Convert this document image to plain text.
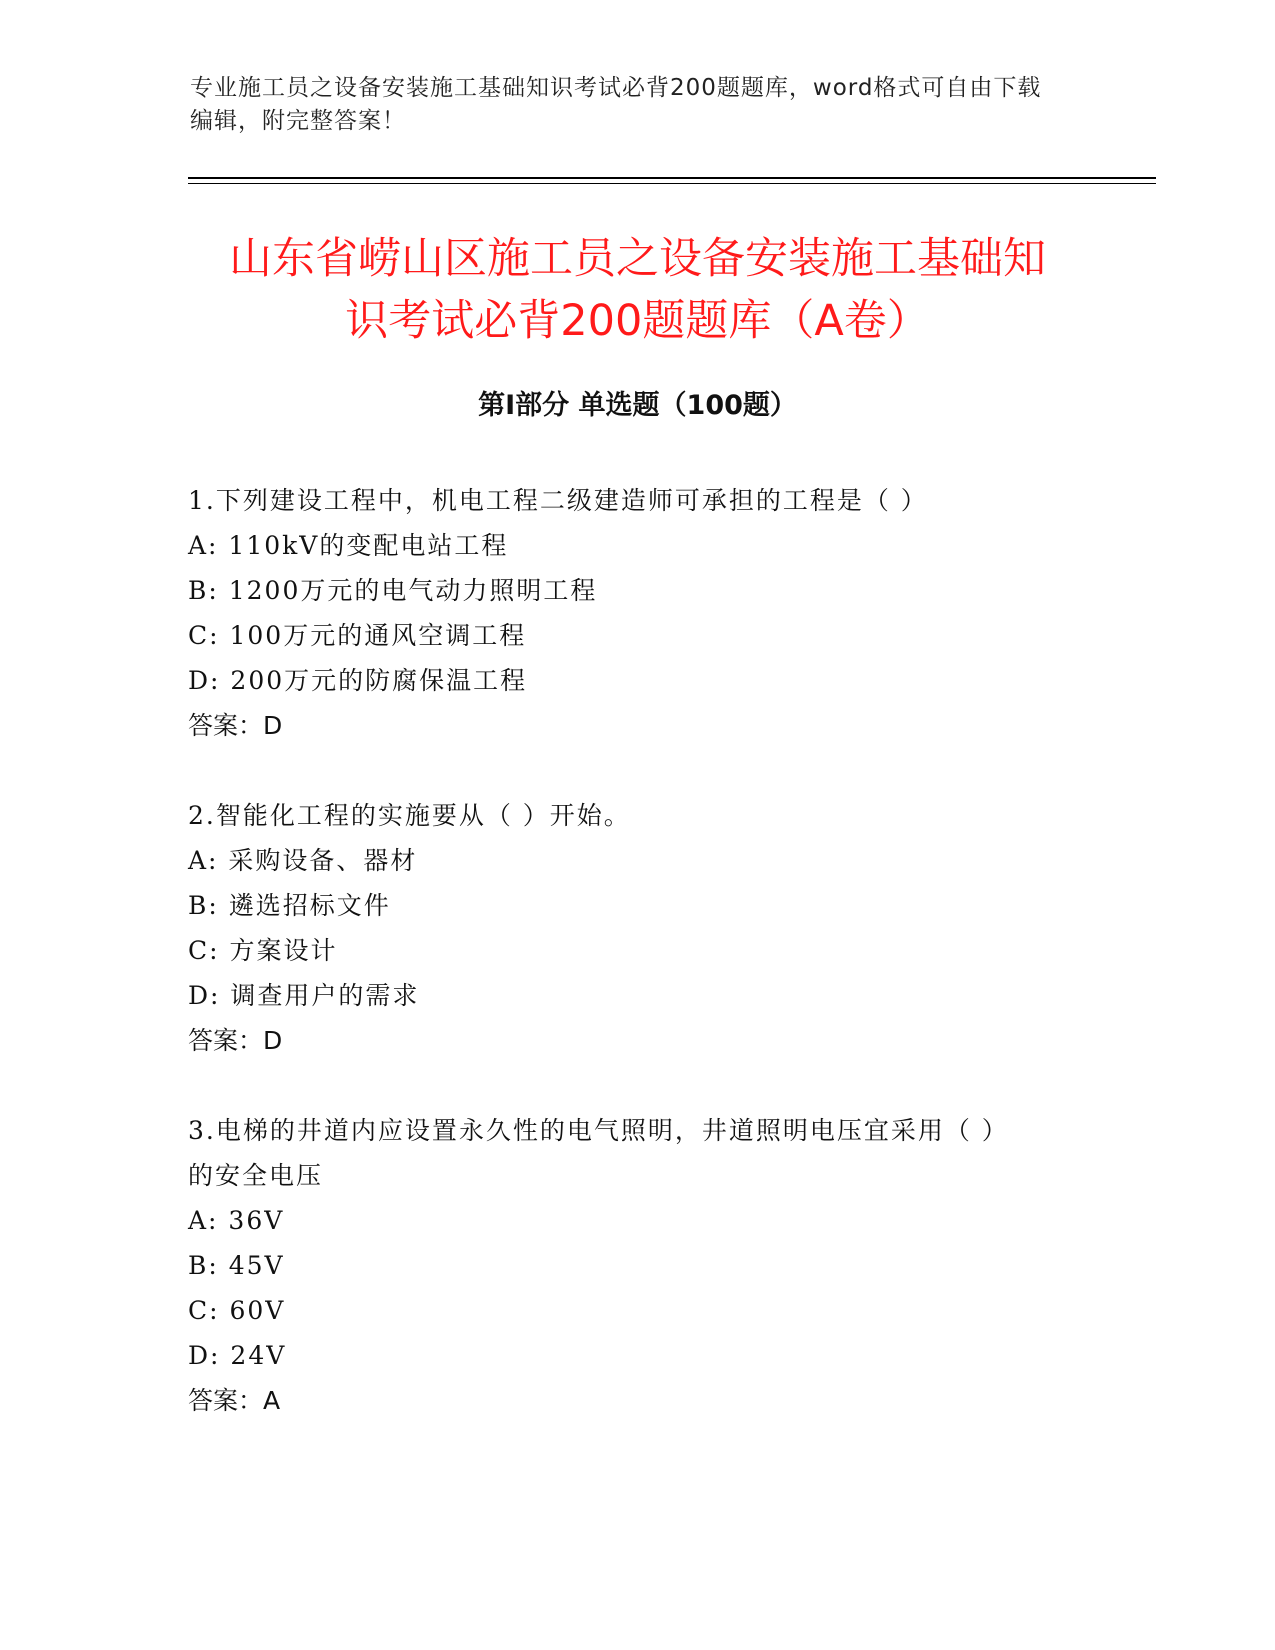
专业施工员之设备安装施工基础知识考试必背200题题库，word格式可自由下载
编辑，附完整答案！
山东省崂山区施工员之设备安装施工基础知
识考试必背200题题库（A卷）
第I部分 单选题（100题）
1.下列建设工程中，机电工程二级建造师可承担的工程是（ ）
A: 110kV的变配电站工程
B: 1200万元的电气动力照明工程
C: 100万元的通风空调工程
D: 200万元的防腐保温工程
答案：D
2.智能化工程的实施要从（ ）开始。
A: 采购设备、器材
B: 遴选招标文件
C: 方案设计
D: 调查用户的需求
答案：D
3.电梯的井道内应设置永久性的电气照明，井道照明电压宜采用（ ）
的安全电压
A: 36V
B: 45V
C: 60V
D: 24V
答案：A
